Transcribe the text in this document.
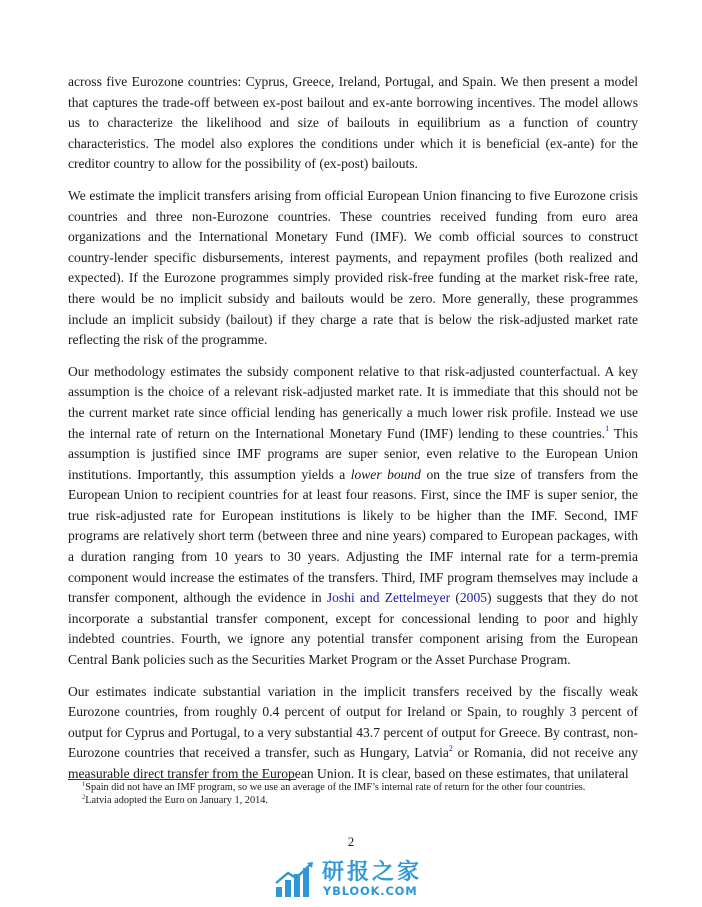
across five Eurozone countries: Cyprus, Greece, Ireland, Portugal, and Spain. We then present a model that captures the trade-off between ex-post bailout and ex-ante borrowing incentives. The model allows us to characterize the likelihood and size of bailouts in equilibrium as a function of country characteristics. The model also explores the conditions under which it is beneficial (ex-ante) for the creditor country to allow for the possibility of (ex-post) bailouts.

We estimate the implicit transfers arising from official European Union financing to five Eurozone crisis countries and three non-Eurozone countries. These countries received funding from euro area organizations and the International Monetary Fund (IMF). We comb official sources to construct country-lender specific disbursements, interest payments, and repayment profiles (both realized and expected). If the Eurozone programmes simply provided risk-free funding at the market risk-free rate, there would be no implicit subsidy and bailouts would be zero. More generally, these programmes include an implicit subsidy (bailout) if they charge a rate that is below the risk-adjusted market rate reflecting the risk of the programme.

Our methodology estimates the subsidy component relative to that risk-adjusted counterfactual. A key assumption is the choice of a relevant risk-adjusted market rate. It is immediate that this should not be the current market rate since official lending has generically a much lower risk profile. Instead we use the internal rate of return on the International Monetary Fund (IMF) lending to these countries.$^1$ This assumption is justified since IMF programs are super senior, even relative to the European Union institutions. Importantly, this assumption yields a lower bound on the true size of transfers from the European Union to recipient countries for at least four reasons. First, since the IMF is super senior, the true risk-adjusted rate for European institutions is likely to be higher than the IMF. Second, IMF programs are relatively short term (between three and nine years) compared to European packages, with a duration ranging from 10 years to 30 years. Adjusting the IMF internal rate for a term-premia component would increase the estimates of the transfers. Third, IMF program themselves may include a transfer component, although the evidence in Joshi and Zettelmeyer (2005) suggests that they do not incorporate a substantial transfer component, except for concessional lending to poor and highly indebted countries. Fourth, we ignore any potential transfer component arising from the European Central Bank policies such as the Securities Market Program or the Asset Purchase Program.

Our estimates indicate substantial variation in the implicit transfers received by the fiscally weak Eurozone countries, from roughly 0.4 percent of output for Ireland or Spain, to roughly 3 percent of output for Cyprus and Portugal, to a very substantial 43.7 percent of output for Greece. By contrast, non-Eurozone countries that received a transfer, such as Hungary, Latvia$^2$ or Romania, did not receive any measurable direct transfer from the European Union. It is clear, based on these estimates, that unilateral

$^1$Spain did not have an IMF program, so we use an average of the IMF’s internal rate of return for the other four countries.
$^2$Latvia adopted the Euro on January 1, 2014.
2
研报之家
YBLOOK.COM
